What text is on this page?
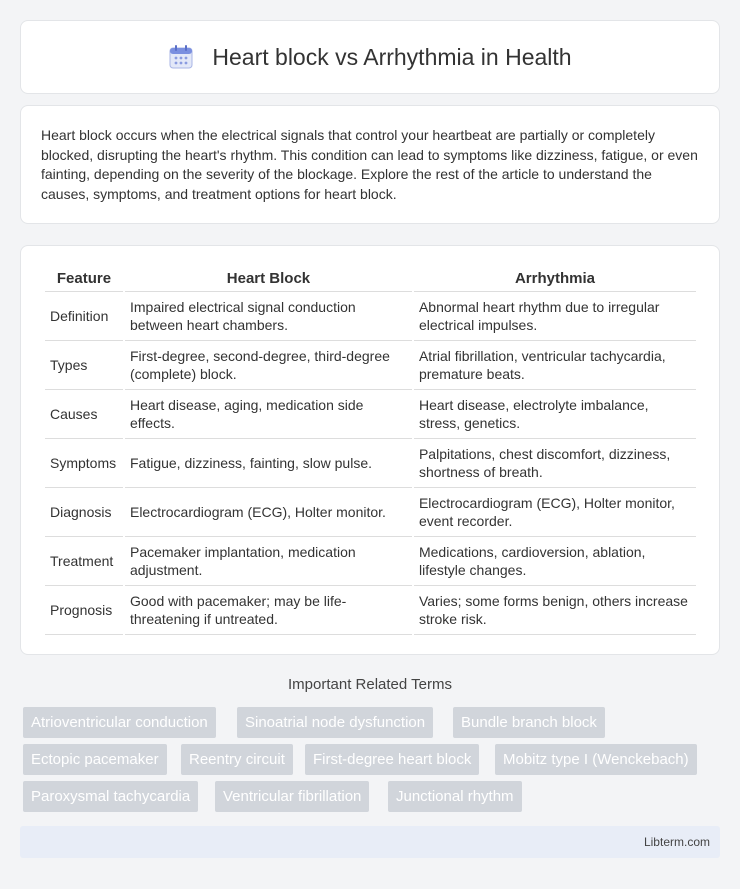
Heart block vs Arrhythmia in Health

Heart block occurs when the electrical signals that control your heartbeat are partially or completely blocked, disrupting the heart's rhythm. This condition can lead to symptoms like dizziness, fatigue, or even fainting, depending on the severity of the blockage. Explore the rest of the article to understand the causes, symptoms, and treatment options for heart block.

Feature	Heart Block	Arrhythmia
Definition	Impaired electrical signal conduction between heart chambers.	Abnormal heart rhythm due to irregular electrical impulses.
Types	First-degree, second-degree, third-degree (complete) block.	Atrial fibrillation, ventricular tachycardia, premature beats.
Causes	Heart disease, aging, medication side effects.	Heart disease, electrolyte imbalance, stress, genetics.
Symptoms	Fatigue, dizziness, fainting, slow pulse.	Palpitations, chest discomfort, dizziness, shortness of breath.
Diagnosis	Electrocardiogram (ECG), Holter monitor.	Electrocardiogram (ECG), Holter monitor, event recorder.
Treatment	Pacemaker implantation, medication adjustment.	Medications, cardioversion, ablation, lifestyle changes.
Prognosis	Good with pacemaker; may be life-threatening if untreated.	Varies; some forms benign, others increase stroke risk.
Important Related Terms
Atrioventricular conduction	Sinoatrial node dysfunction	Bundle branch block
Ectopic pacemaker	Reentry circuit	First-degree heart block	Mobitz type I (Wenckebach)
Paroxysmal tachycardia	Ventricular fibrillation	Junctional rhythm
Libterm.com
